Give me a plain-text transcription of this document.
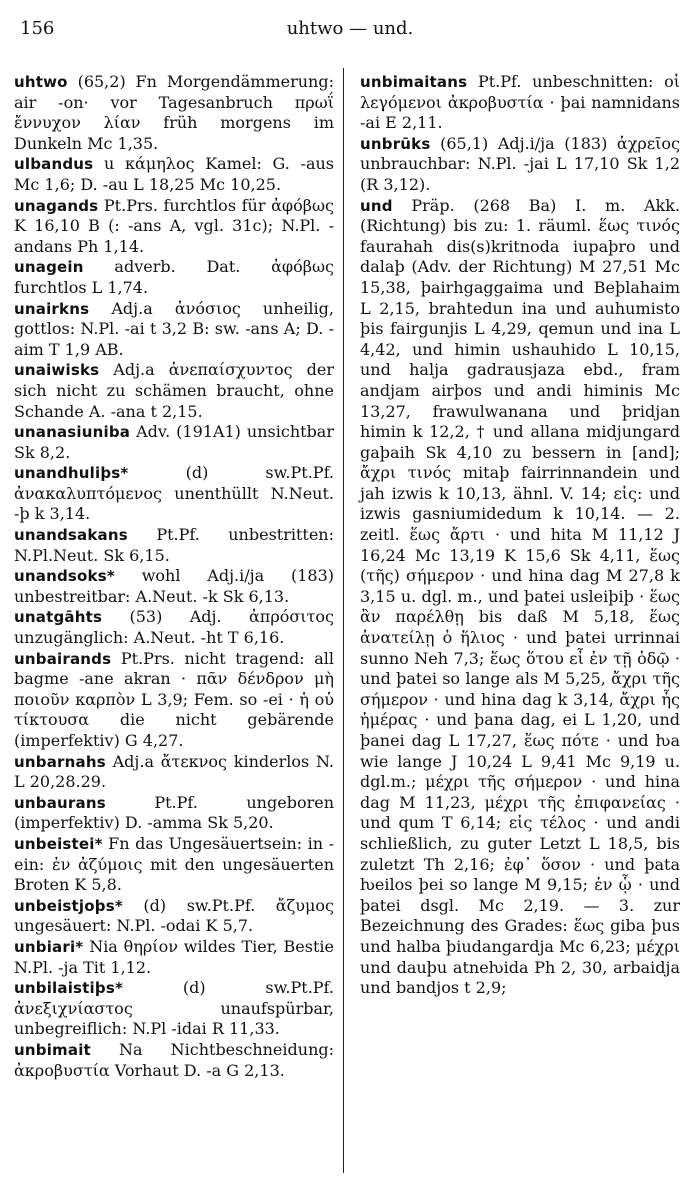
156	uhtwo — und.
uhtwo (65,2) Fn Morgendämmerung: air -on· vor Tagesanbruch πρωΐ ἔννυχον λίαν früh morgens im Dunkeln Mc 1,35.
ulbandus u κάμηλος Kamel: G. -aus Mc 1,6; D. -au L 18,25 Mc 10,25.
unagands Pt.Prs. furchtlos für ἀφόβως K 16,10 B (: -ans A, vgl. 31c); N.Pl. -andans Ph 1,14.
unagein adverb. Dat. ἀφόβως furchtlos L 1,74.
unairkns Adj.a ἀνόσιος unheilig, gottlos: N.Pl. -ai t 3,2 B: sw. -ans A; D. -aim T 1,9 AB.
unaiwisks Adj.a ἀνεπαίσχυντος der sich nicht zu schämen braucht, ohne Schande A. -ana t 2,15.
unanasiuniba Adv. (191A1) unsichtbar Sk 8,2.
unandhuliþs*	(d) sw.Pt.Pf. ἀνακαλυπτόμενος unenthüllt N.Neut. -þ k 3,14.
unandsakans Pt.Pf. unbestritten: N.Pl.Neut. Sk 6,15.
unandsoks* wohl Adj.i/ja (183) unbestreitbar: A.Neut. -k Sk 6,13.
unatgāhts (53) Adj. ἀπρόσιτος unzugänglich: A.Neut. -ht T 6,16.
unbairands Pt.Prs. nicht tragend: all bagme -ane akran · πᾶν δένδρον μὴ ποιοῦν καρπὸν L 3,9; Fem. so -ei · ἡ οὐ τίκτουσα die nicht gebärende (imperfektiv) G 4,27.
unbarnahs Adj.a ἄτεκνος kinderlos N. L 20,28.29.
unbaurans	Pt.Pf. ungeboren (imperfektiv) D. -amma Sk 5,20.
unbeistei* Fn das Ungesäuertsein: in -ein: ἐν ἀζύμοις mit den ungesäuerten Broten K 5,8.
unbeistjoþs* (d) sw.Pt.Pf. ἄζυμος ungesäuert: N.Pl. -odai K 5,7.
unbiari* Nia θηρίον wildes Tier, Bestie N.Pl. -ja Tit 1,12.
unbilaistiþs*	(d) sw.Pt.Pf. ἀνεξιχνίαστος unaufspürbar, unbegreiflich: N.Pl -idai R 11,33.
unbimait Na Nichtbeschneidung: ἀκροβυστία Vorhaut D. -a G 2,13.
unbimaitans Pt.Pf. unbeschnitten: οἱ λεγόμενοι ἀκροβυστία · þai namnidans -ai E 2,11.
unbrūks (65,1) Adj.i/ja (183) ἀχρεῖος unbrauchbar: N.Pl. -jai L 17,10 Sk 1,2 (R 3,12).
und Präp. (268 Ba) I. m. Akk. (Richtung) bis zu: 1. räuml. ἕως τινός faurahah dis(s)kritnoda iupaþro und dalaþ (Adv. der Richtung) M 27,51 Mc 15,38, þairhgaggaima und Beþlahaim L 2,15, brahtedun ina und auhumisto þis fairgunjis L 4,29, qemun und ina L 4,42, und himin ushauhido L 10,15, und halja gadrausjaza ebd., fram andjam airþos und andi himinis Mc 13,27, frawulwanana und þridjan himin k 12,2, † und allana midjungard gaþaih Sk 4,10 zu bessern in [and]; ἄχρι τινός mitaþ fairrinnandein und jah izwis k 10,13, ähnl. V. 14; εἰς: und izwis gasniumidedum k 10,14. — 2. zeitl. ἕως ἄρτι · und hita M 11,12 J 16,24 Mc 13,19 K 15,6 Sk 4,11, ἕως (τῆς) σήμερον · und hina dag M 27,8 k 3,15 u. dgl. m., und þatei usleiþiþ · ἕως ἂν παρέλθῃ bis daß M 5,18, ἕως ἀνατείλῃ ὁ ἥλιος · und þatei urrinnai sunno Neh 7,3; ἕως ὅτου εἶ ἐν τῇ ὁδῷ · und þatei so lange als M 5,25, ἄχρι τῆς σήμερον · und hina dag k 3,14, ἄχρι ἧς ἡμέρας · und þana dag, ei L 1,20, und þanei dag L 17,27, ἕως πότε · und ƕa wie lange J 10,24 L 9,41 Mc 9,19 u. dgl.m.; μέχρι τῆς σήμερον · und hina dag M 11,23, μέχρι τῆς ἐπιφανείας · und qum T 6,14; εἰς τέλος · und andi schließlich, zu guter Letzt L 18,5, bis zuletzt Th 2,16; ἐφ᾽ ὅσον · und þata ƕeilos þei so lange M 9,15; ἐν ᾧ · und þatei dsgl. Mc 2,19. — 3. zur Bezeichnung des Grades: ἕως giba þus und halba þiudangardja Mc 6,23; μέχρι und dauþu atneƕida Ph 2, 30, arbaidja und bandjos t 2,9;
